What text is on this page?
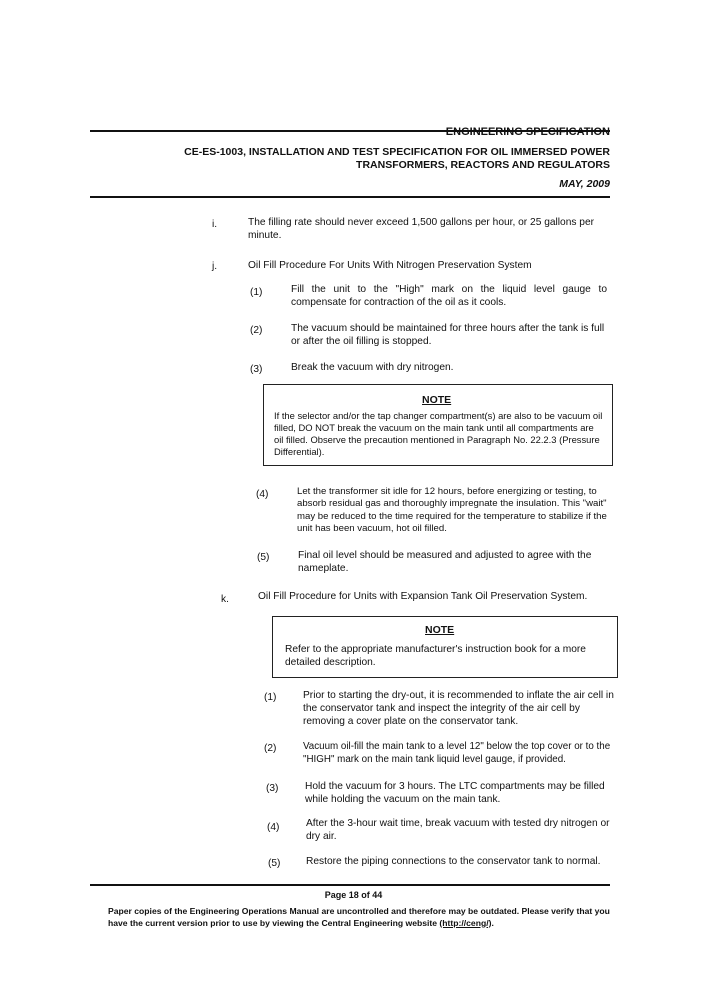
ENGINEERING SPECIFICATION
CE-ES-1003, INSTALLATION AND TEST SPECIFICATION FOR OIL IMMERSED POWER
TRANSFORMERS, REACTORS AND REGULATORS
MAY, 2009
i.	The filling rate should never exceed 1,500 gallons per hour, or 25 gallons per minute.
j.	Oil Fill Procedure For Units With Nitrogen Preservation System
(1)	Fill the unit to the "High" mark on the liquid level gauge to compensate for contraction of the oil as it cools.
(2)	The vacuum should be maintained for three hours after the tank is full or after the oil filling is stopped.
(3)	Break the vacuum with dry nitrogen.
NOTE
If the selector and/or the tap changer compartment(s) are also to be vacuum oil filled, DO NOT break the vacuum on the main tank until all compartments are oil filled. Observe the precaution mentioned in Paragraph No. 22.2.3 (Pressure Differential).
(4)	Let the transformer sit idle for 12 hours, before energizing or testing, to absorb residual gas and thoroughly impregnate the insulation. This "wait" may be reduced to the time required for the temperature to stabilize if the unit has been vacuum, hot oil filled.
(5)	Final oil level should be measured and adjusted to agree with the nameplate.
k.	Oil Fill Procedure for Units with Expansion Tank Oil Preservation System.
NOTE
Refer to the appropriate manufacturer's instruction book for a more detailed description.
(1)	Prior to starting the dry-out, it is recommended to inflate the air cell in the conservator tank and inspect the integrity of the air cell by removing a cover plate on the conservator tank.
(2)	Vacuum oil-fill the main tank to a level 12" below the top cover or to the "HIGH" mark on the main tank liquid level gauge, if provided.
(3)	Hold the vacuum for 3 hours. The LTC compartments may be filled while holding the vacuum on the main tank.
(4)	After the 3-hour wait time, break vacuum with tested dry nitrogen or dry air.
(5)	Restore the piping connections to the conservator tank to normal.
Page 18 of 44
Paper copies of the Engineering Operations Manual are uncontrolled and therefore may be outdated. Please verify that you have the current version prior to use by viewing the Central Engineering website (http://ceng/).
